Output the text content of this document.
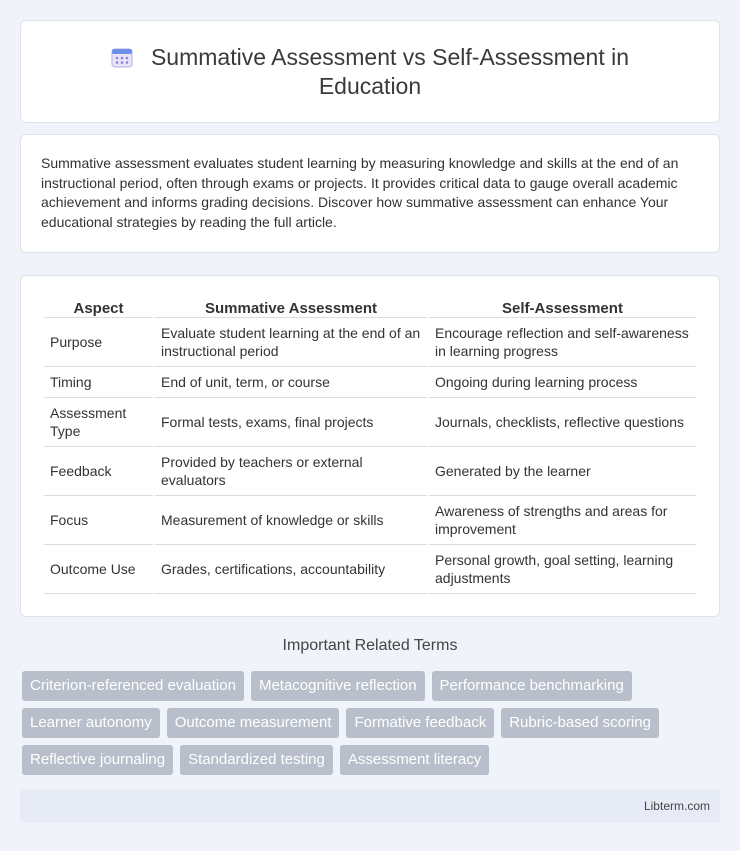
Summative Assessment vs Self-Assessment in Education

Summative assessment evaluates student learning by measuring knowledge and skills at the end of an instructional period, often through exams or projects. It provides critical data to gauge overall academic achievement and informs grading decisions. Discover how summative assessment can enhance Your educational strategies by reading the full article.

Aspect	Summative Assessment	Self-Assessment
Purpose	Evaluate student learning at the end of an instructional period	Encourage reflection and self-awareness in learning progress
Timing	End of unit, term, or course	Ongoing during learning process
Assessment Type	Formal tests, exams, final projects	Journals, checklists, reflective questions
Feedback	Provided by teachers or external evaluators	Generated by the learner
Focus	Measurement of knowledge or skills	Awareness of strengths and areas for improvement
Outcome Use	Grades, certifications, accountability	Personal growth, goal setting, learning adjustments
Important Related Terms
Criterion-referenced evaluation	Metacognitive reflection	Performance benchmarking
Learner autonomy	Outcome measurement	Formative feedback	Rubric-based scoring
Reflective journaling	Standardized testing	Assessment literacy
Libterm.com
